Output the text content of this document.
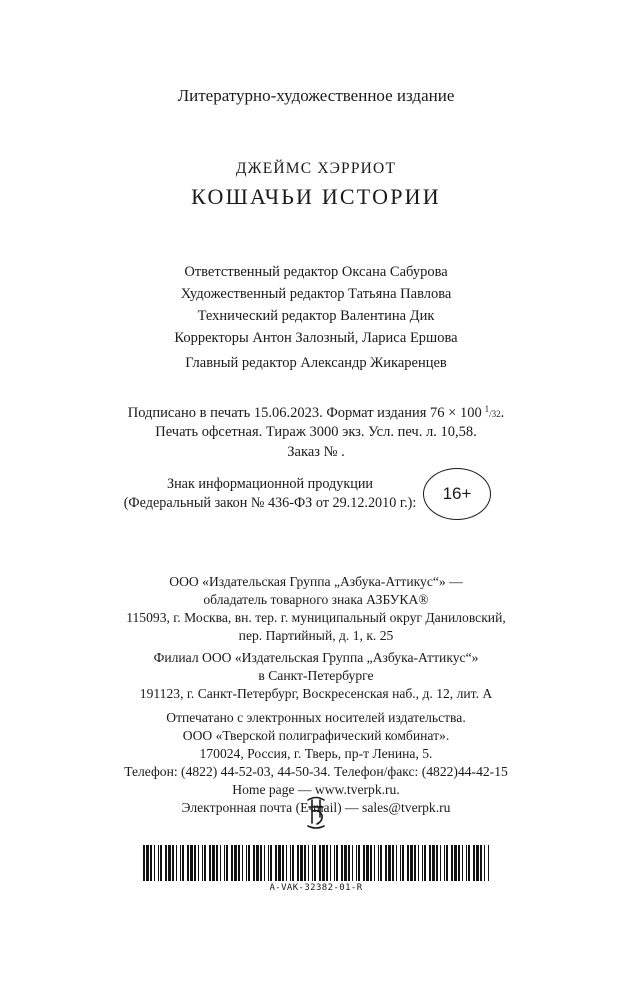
Литературно-художественное издание
ДЖЕЙМС ХЭРРИОТ
КОШАЧЬИ ИСТОРИИ
Ответственный редактор Оксана Сабурова
Художественный редактор Татьяна Павлова
Технический редактор Валентина Дик
Корректоры Антон Залозный, Лариса Ершова
Главный редактор Александр Жикаренцев
Подписано в печать 15.06.2023. Формат издания 76 × 100  $^1$/32.
Печать офсетная. Тираж 3000 экз. Усл. печ. л. 10,58.
Заказ № .
Знак информационной продукции
(Федеральный закон № 436-ФЗ от 29.12.2010 г.):	16+
ООО «Издательская Группа „Азбука-Аттикус“» —
обладатель товарного знака АЗБУКА®
115093, г. Москва, вн. тер. г. муниципальный округ Даниловский,
пер. Партийный, д. 1, к. 25
Филиал ООО «Издательская Группа „Азбука-Аттикус“»
в Санкт-Петербурге
191123, г. Санкт-Петербург, Воскресенская наб., д. 12, лит. А
Отпечатано с электронных носителей издательства.
ООО «Тверской полиграфический комбинат».
170024, Россия, г. Тверь, пр-т Ленина, 5.
Телефон: (4822) 44-52-03, 44-50-34. Телефон/факс: (4822)44-42-15
Home page — www.tverpk.ru.
Электронная почта (E-mail) — sales@tverpk.ru
A-VAK-32382-01-R
